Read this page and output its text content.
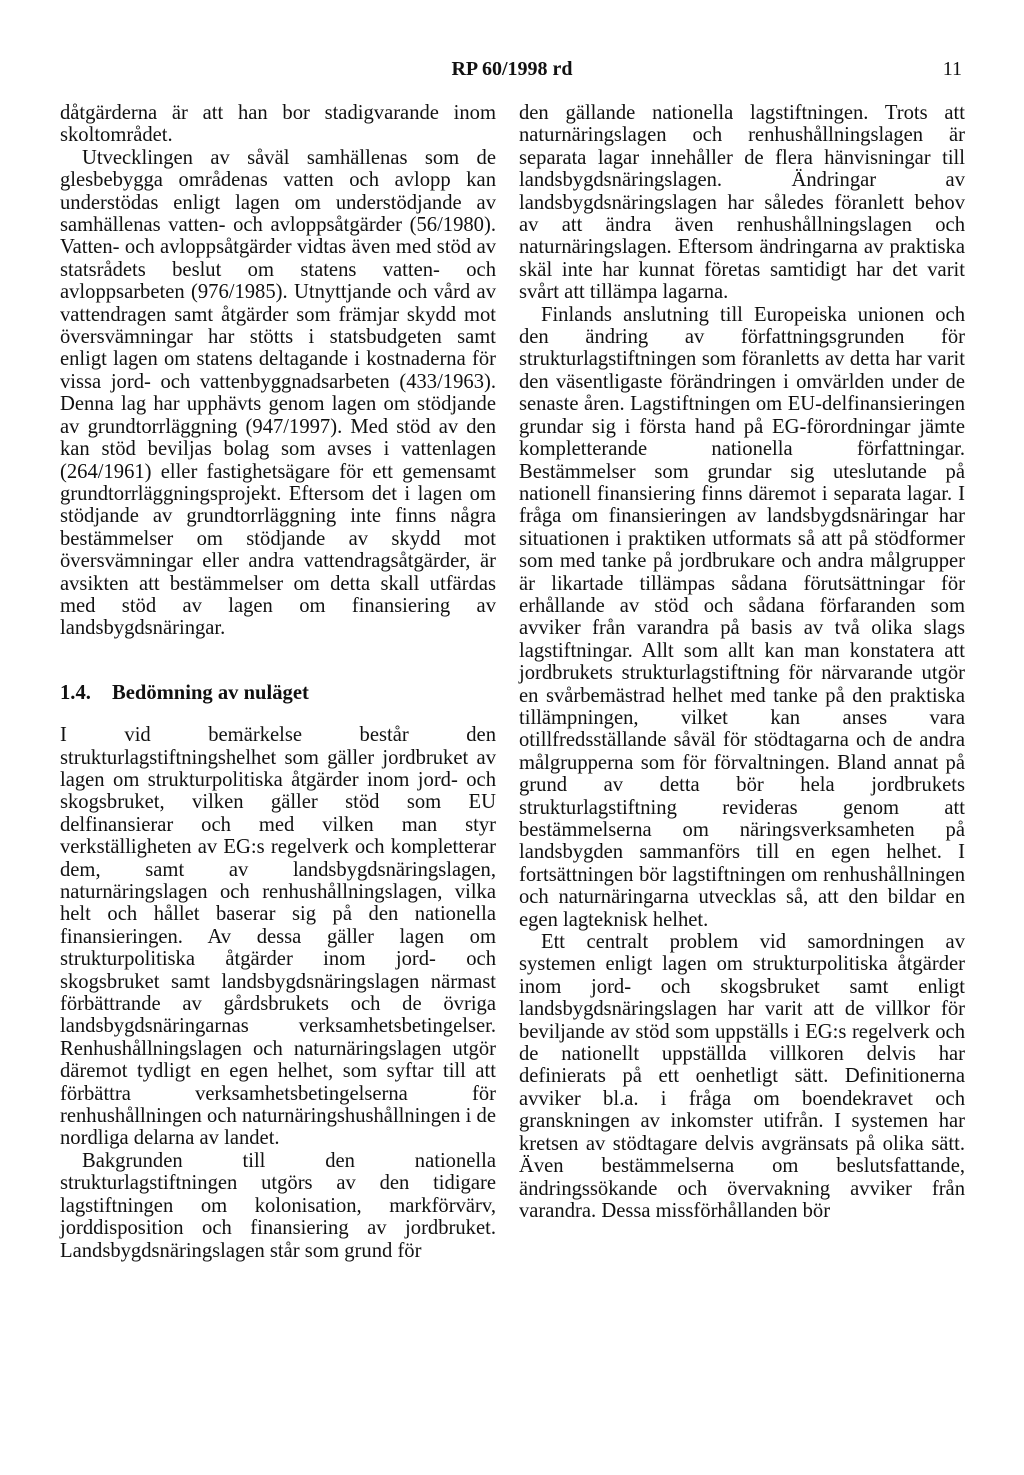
RP 60/1998 rd	11

dåtgärderna är att han bor stadigvarande inom skoltområdet.

Utvecklingen av såväl samhällenas som de glesbebygga områdenas vatten och avlopp kan understödas enligt lagen om understödjande av samhällenas vatten- och avloppsåtgärder (56/1980). Vatten- och avloppsåtgärder vidtas även med stöd av statsrådets beslut om statens vatten- och avloppsarbeten (976/1985). Utnyttjande och vård av vattendragen samt åtgärder som främjar skydd mot översvämningar har stötts i statsbudgeten samt enligt lagen om statens deltagande i kostnaderna för vissa jord- och vattenbyggnadsarbeten (433/1963). Denna lag har upphävts genom lagen om stödjande av grundtorrläggning (947/1997). Med stöd av den kan stöd beviljas bolag som avses i vattenlagen (264/1961) eller fastighetsägare för ett gemensamt grundtorrläggningsprojekt. Eftersom det i lagen om stödjande av grundtorrläggning inte finns några bestämmelser om stödjande av skydd mot översvämningar eller andra vattendragsåtgärder, är avsikten att bestämmelser om detta skall utfärdas med stöd av lagen om finansiering av landsbygdsnäringar.

1.4. Bedömning av nuläget

I vid bemärkelse består den strukturlagstiftningshelhet som gäller jordbruket av lagen om strukturpolitiska åtgärder inom jord- och skogsbruket, vilken gäller stöd som EU delfinansierar och med vilken man styr verkställigheten av EG:s regelverk och kompletterar dem, samt av landsbygdsnäringslagen, naturnäringslagen och renhushållningslagen, vilka helt och hållet baserar sig på den nationella finansieringen. Av dessa gäller lagen om strukturpolitiska åtgärder inom jord- och skogsbruket samt landsbygdsnäringslagen närmast förbättrande av gårdsbrukets och de övriga landsbygdsnäringarnas verksamhetsbetingelser. Renhushållningslagen och naturnäringslagen utgör däremot tydligt en egen helhet, som syftar till att förbättra verksamhetsbetingelserna för renhushållningen och naturnäringshushållningen i de nordliga delarna av landet.

Bakgrunden till den nationella strukturlagstiftningen utgörs av den tidigare lagstiftningen om kolonisation, markförvärv, jorddisposition och finansiering av jordbruket. Landsbygdsnäringslagen står som grund för

den gällande nationella lagstiftningen. Trots att naturnäringslagen och renhushållningslagen är separata lagar innehåller de flera hänvisningar till landsbygdsnäringslagen. Ändringar av landsbygdsnäringslagen har således föranlett behov av att ändra även renhushållningslagen och naturnäringslagen. Eftersom ändringarna av praktiska skäl inte har kunnat företas samtidigt har det varit svårt att tillämpa lagarna.

Finlands anslutning till Europeiska unionen och den ändring av författningsgrunden för strukturlagstiftningen som föranletts av detta har varit den väsentligaste förändringen i omvärlden under de senaste åren. Lagstiftningen om EU-delfinansieringen grundar sig i första hand på EG-förordningar jämte kompletterande nationella författningar. Bestämmelser som grundar sig uteslutande på nationell finansiering finns däremot i separata lagar. I fråga om finansieringen av landsbygdsnäringar har situationen i praktiken utformats så att på stödformer som med tanke på jordbrukare och andra målgrupper är likartade tillämpas sådana förutsättningar för erhållande av stöd och sådana förfaranden som avviker från varandra på basis av två olika slags lagstiftningar. Allt som allt kan man konstatera att jordbrukets strukturlagstiftning för närvarande utgör en svårbemästrad helhet med tanke på den praktiska tillämpningen, vilket kan anses vara otillfredsställande såväl för stödtagarna och de andra målgrupperna som för förvaltningen. Bland annat på grund av detta bör hela jordbrukets strukturlagstiftning revideras genom att bestämmelserna om näringsverksamheten på landsbygden sammanförs till en egen helhet. I fortsättningen bör lagstiftningen om renhushållningen och naturnäringarna utvecklas så, att den bildar en egen lagteknisk helhet.

Ett centralt problem vid samordningen av systemen enligt lagen om strukturpolitiska åtgärder inom jord- och skogsbruket samt enligt landsbygdsnäringslagen har varit att de villkor för beviljande av stöd som uppställs i EG:s regelverk och de nationellt uppställda villkoren delvis har definierats på ett oenhetligt sätt. Definitionerna avviker bl.a. i fråga om boendekravet och granskningen av inkomster utifrån. I systemen har kretsen av stödtagare delvis avgränsats på olika sätt. Även bestämmelserna om beslutsfattande, ändringssökande och övervakning avviker från varandra. Dessa missförhållanden bör
